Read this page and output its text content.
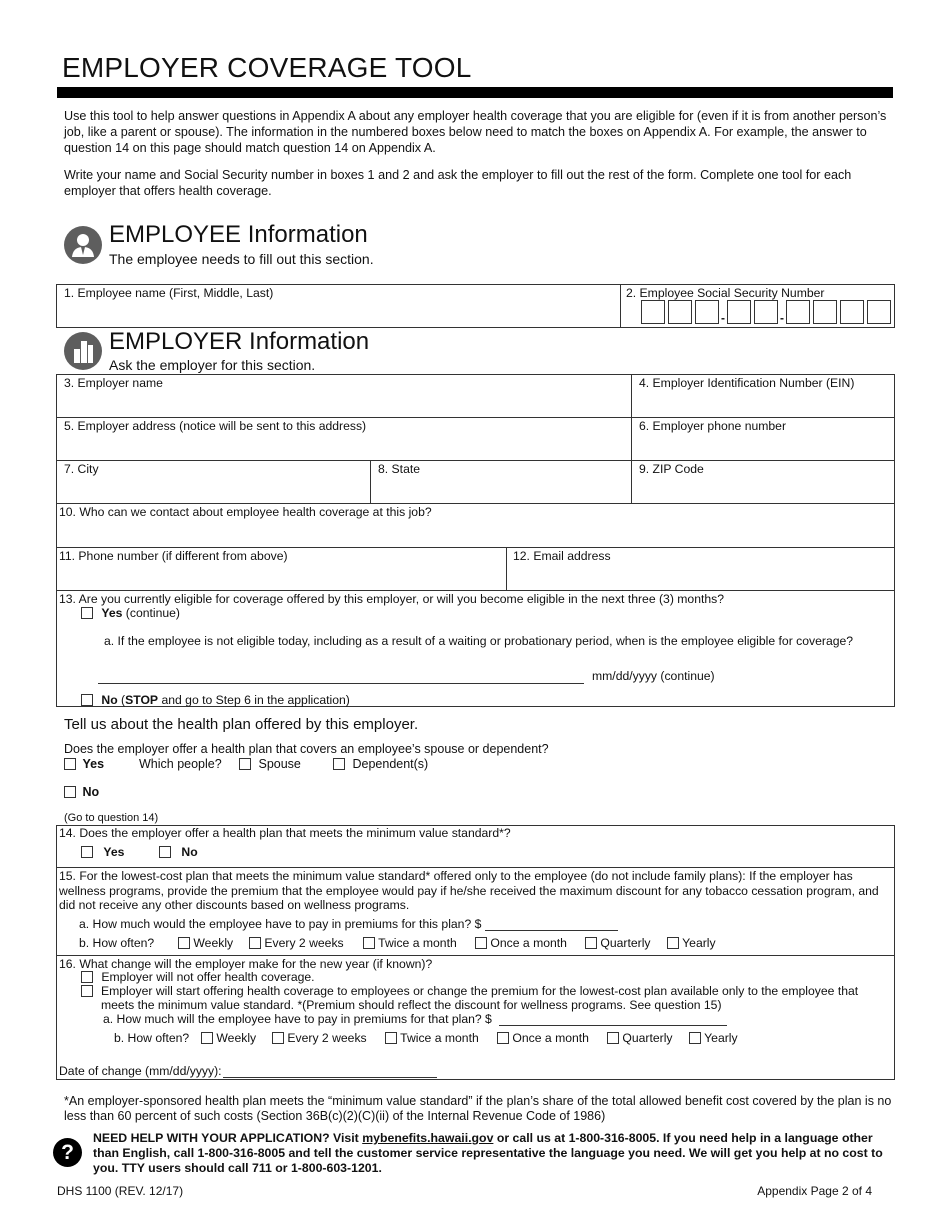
EMPLOYER COVERAGE TOOL
Use this tool to help answer questions in Appendix A about any employer health coverage that you are eligible for (even if it is from another person’s job, like a parent or spouse). The information in the numbered boxes below need to match the boxes on Appendix A. For example, the answer to question 14 on this page should match question 14 on Appendix A.
Write your name and Social Security number in boxes 1 and 2 and ask the employer to fill out the rest of the form. Complete one tool for each employer that offers health coverage.
EMPLOYEE Information
The employee needs to fill out this section.
1. Employee name (First, Middle, Last)	2. Employee Social Security Number
-	-
EMPLOYER Information
Ask the employer for this section.
3. Employer name	4. Employer Identification Number (EIN)
5. Employer address (notice will be sent to this address)	6. Employer phone number
7. City	8. State	9. ZIP Code
10. Who can we contact about employee health coverage at this job?
11. Phone number (if different from above)	12. Email address
13. Are you currently eligible for coverage offered by this employer, or will you become eligible in the next three (3) months?
Yes (continue)
a. If the employee is not eligible today, including as a result of a waiting or probationary period, when is the employee eligible for coverage?
mm/dd/yyyy (continue)
No (STOP and go to Step 6 in the application)
Tell us about the health plan offered by this employer.
Does the employer offer a health plan that covers an employee’s spouse or dependent?
Yes	Which people?	Spouse	Dependent(s)
No
(Go to question 14)
14. Does the employer offer a health plan that meets the minimum value standard*?
Yes	No
15. For the lowest-cost plan that meets the minimum value standard* offered only to the employee (do not include family plans): If the employer has wellness programs, provide the premium that the employee would pay if he/she received the maximum discount for any tobacco cessation program, and did not receive any other discounts based on wellness programs.
a. How much would the employee have to pay in premiums for this plan? $
b. How often?	Weekly	Every 2 weeks	Twice a month	Once a month	Quarterly	Yearly
16. What change will the employer make for the new year (if known)?
Employer will not offer health coverage.
Employer will start offering health coverage to employees or change the premium for the lowest-cost plan available only to the employee that meets the minimum value standard. *(Premium should reflect the discount for wellness programs. See question 15)
a. How much will the employee have to pay in premiums for that plan? $
b. How often?	Weekly	Every 2 weeks	Twice a month	Once a month	Quarterly	Yearly
Date of change (mm/dd/yyyy):
*An employer-sponsored health plan meets the “minimum value standard” if the plan’s share of the total allowed benefit cost covered by the plan is no less than 60 percent of such costs (Section 36B(c)(2)(C)(ii) of the Internal Revenue Code of 1986)
?
NEED HELP WITH YOUR APPLICATION? Visit mybenefits.hawaii.gov or call us at 1-800-316-8005. If you need help in a language other than English, call 1-800-316-8005 and tell the customer service representative the language you need. We will get you help at no cost to you. TTY users should call 711 or 1-800-603-1201.
DHS 1100 (REV. 12/17)	Appendix Page 2 of 4
